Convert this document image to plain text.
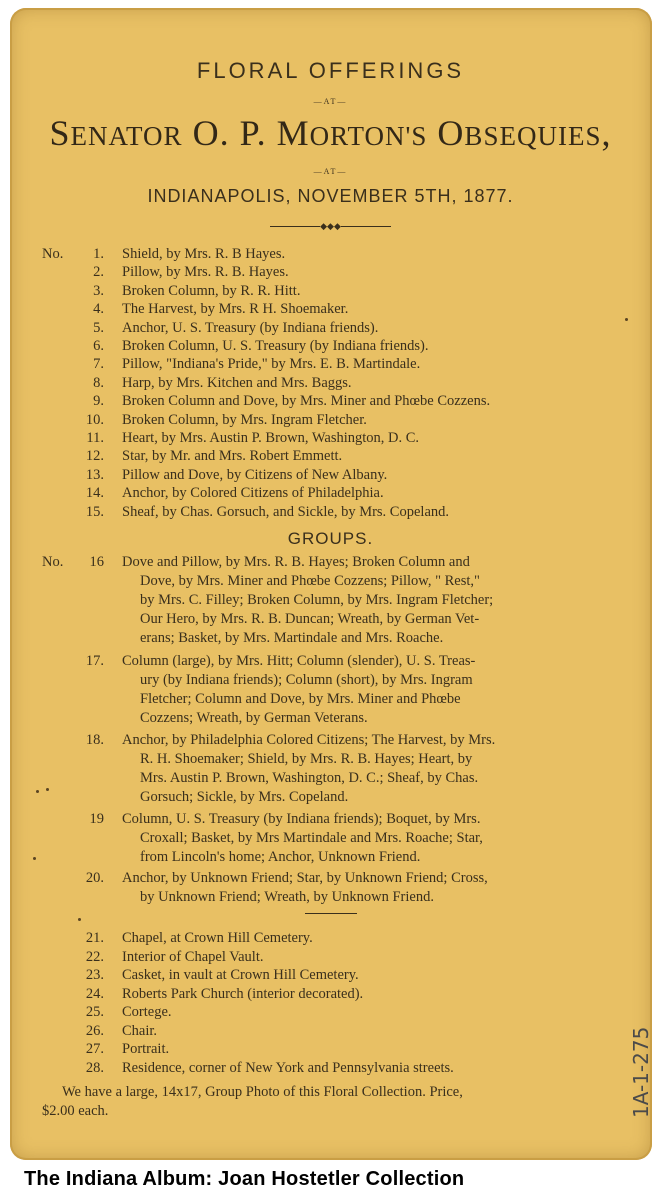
FLORAL OFFERINGS
—AT—
SENATOR O. P. MORTON'S OBSEQUIES,
—AT—
INDIANAPOLIS, NOVEMBER 5TH, 1877.
◆◆◆
No.	1. Shield, by Mrs. R. B Hayes.
2. Pillow, by Mrs. R. B. Hayes.
3. Broken Column, by R. R. Hitt.
4. The Harvest, by Mrs. R H. Shoemaker.
5. Anchor, U. S. Treasury (by Indiana friends).
6. Broken Column, U. S. Treasury (by Indiana friends).
7. Pillow, "Indiana's Pride," by Mrs. E. B. Martindale.
8. Harp, by Mrs. Kitchen and Mrs. Baggs.
9. Broken Column and Dove, by Mrs. Miner and Phœbe Cozzens.
10. Broken Column, by Mrs. Ingram Fletcher.
11. Heart, by Mrs. Austin P. Brown, Washington, D. C.
12. Star, by Mr. and Mrs. Robert Emmett.
13. Pillow and Dove, by Citizens of New Albany.
14. Anchor, by Colored Citizens of Philadelphia.
15. Sheaf, by Chas. Gorsuch, and Sickle, by Mrs. Copeland.
GROUPS.
No.	16 Dove and Pillow, by Mrs. R. B. Hayes; Broken Column and
Dove, by Mrs. Miner and Phœbe Cozzens; Pillow, " Rest,"
by Mrs. C. Filley; Broken Column, by Mrs. Ingram Fletcher;
Our Hero, by Mrs. R. B. Duncan; Wreath, by German Vet-
erans; Basket, by Mrs. Martindale and Mrs. Roache.
17. Column (large), by Mrs. Hitt; Column (slender), U. S. Treas-
ury (by Indiana friends); Column (short), by Mrs. Ingram
Fletcher; Column and Dove, by Mrs. Miner and Phœbe
Cozzens; Wreath, by German Veterans.
18. Anchor, by Philadelphia Colored Citizens; The Harvest, by Mrs.
R. H. Shoemaker; Shield, by Mrs. R. B. Hayes; Heart, by
Mrs. Austin P. Brown, Washington, D. C.; Sheaf, by Chas.
Gorsuch; Sickle, by Mrs. Copeland.
19 Column, U. S. Treasury (by Indiana friends); Boquet, by Mrs.
Croxall; Basket, by Mrs Martindale and Mrs. Roache; Star,
from Lincoln's home; Anchor, Unknown Friend.
20. Anchor, by Unknown Friend; Star, by Unknown Friend; Cross,
by Unknown Friend; Wreath, by Unknown Friend.
21. Chapel, at Crown Hill Cemetery.
22. Interior of Chapel Vault.
23. Casket, in vault at Crown Hill Cemetery.
24. Roberts Park Church (interior decorated).
25. Cortege.
26. Chair.
27. Portrait.
28. Residence, corner of New York and Pennsylvania streets.
We have a large, 14x17, Group Photo of this Floral Collection. Price,
$2.00 each.	1A-1-275
The Indiana Album: Joan Hostetler Collection
